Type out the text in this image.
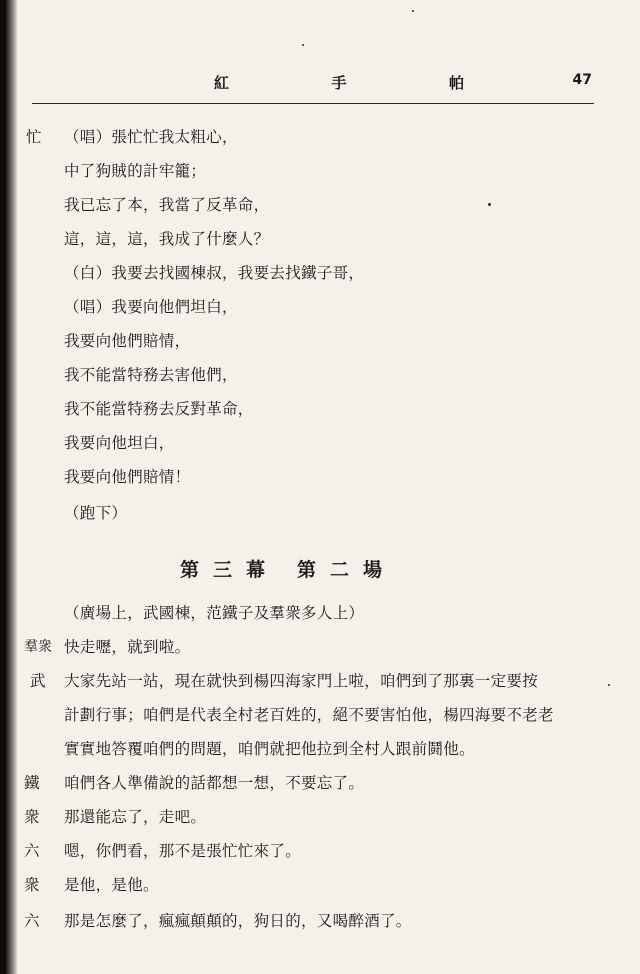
紅	手	帕	47
忙 （唱）張忙忙我太粗心，
中了狗賊的計牢籠；
我已忘了本，我當了反革命，
這，這，這，我成了什麼人？
（白）我要去找國棟叔，我要去找鐵子哥，
（唱）我要向他們坦白，
我要向他們賠情，
我不能當特務去害他們，
我不能當特務去反對革命，
我要向他坦白，
我要向他們賠情！
（跑下）
第三幕 第二場
（廣場上，武國棟，范鐵子及羣衆多人上）
羣衆 快走嚦，就到啦。
武 大家先站一站，現在就快到楊四海家門上啦，咱們到了那裏一定要按
計劃行事；咱們是代表全村老百姓的，絕不要害怕他，楊四海要不老老
實實地答覆咱們的問題，咱們就把他拉到全村人跟前鬪他。
鐵 咱們各人準備說的話都想一想，不要忘了。
衆 那還能忘了，走吧。
六 嗯，你們看，那不是張忙忙來了。
衆 是他，是他。
六 那是怎麼了，瘋瘋顛顛的，狗日的，又喝醉酒了。
